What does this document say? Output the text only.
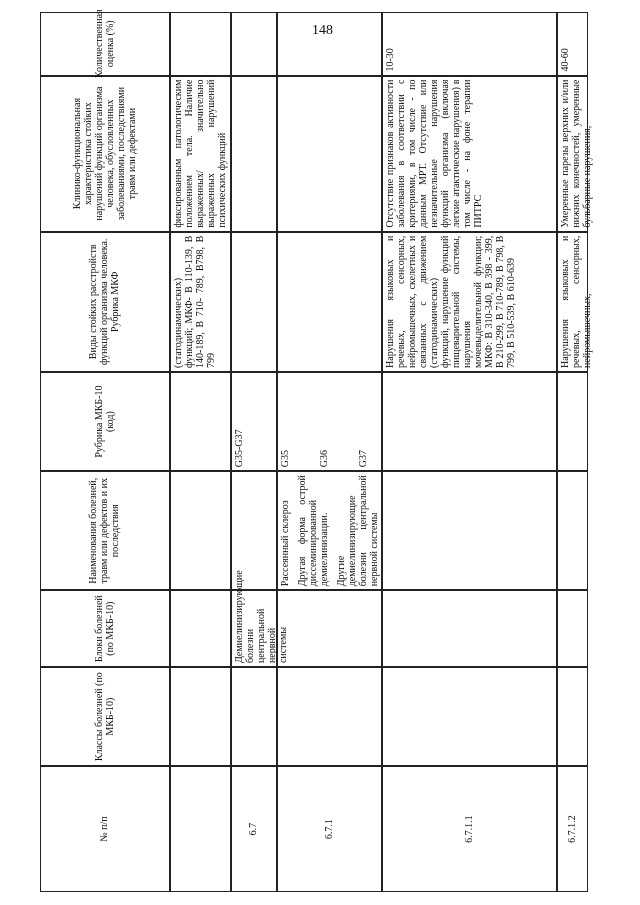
148
№ п/п
Классы болезней (по МКБ-10)
Блоки болезней (по МКБ-10)
Наименования болезней, травм или дефектов и их последствия
Рубрика МКБ-10 (код)
Виды стойких расстройств функций организма человека. Рубрика МКФ
Клинико-функциональная характеристика стойких нарушений функций организма человека, обусловленных заболеваниями, последствиями травм или дефектами
Количественная оценка (%)
(статодинамических) функций; МКФ- В 110-139, В 140-189, В 710- 789, В798, В 799
фиксированным патологическим положением тела. Наличие выраженных/ значительно выраженных нарушений психических функций
6.7
Демиелинизирующие болезни центральной нервной системы
G35-G37
6.7.1
Рассеянный склероз Другая форма острой диссеминированной демиелинизации. Другие демиелинизирующие болезни центральной нервной системы
G35	G36	G37
6.7.1.1
Нарушения языковых и речевых, сенсорных, нейромышечных, скелетных и связанных с движением (статодинамических) функций, нарушение функций пищеварительной системы, нарушения мочевыделительной функции; МКФ: В 310-340, В 398 - 399, В 210-299, В 710-789, В 798, В 799, В 510-539, В 610-639
Отсутствие признаков активности заболевания в соответствии с критериями, в том числе - по данным МРТ. Отсутствие или незначительные нарушения функций организма (включая легкие атактические нарушения) в том числе - на фоне терапии ПИТРС
10-30
6.7.1.2
Нарушения языковых и речевых, сенсорных, нейромышечных,
Умеренные парезы верхних и/или нижних конечностей, умеренные бульбарные нарушения,
40-60
